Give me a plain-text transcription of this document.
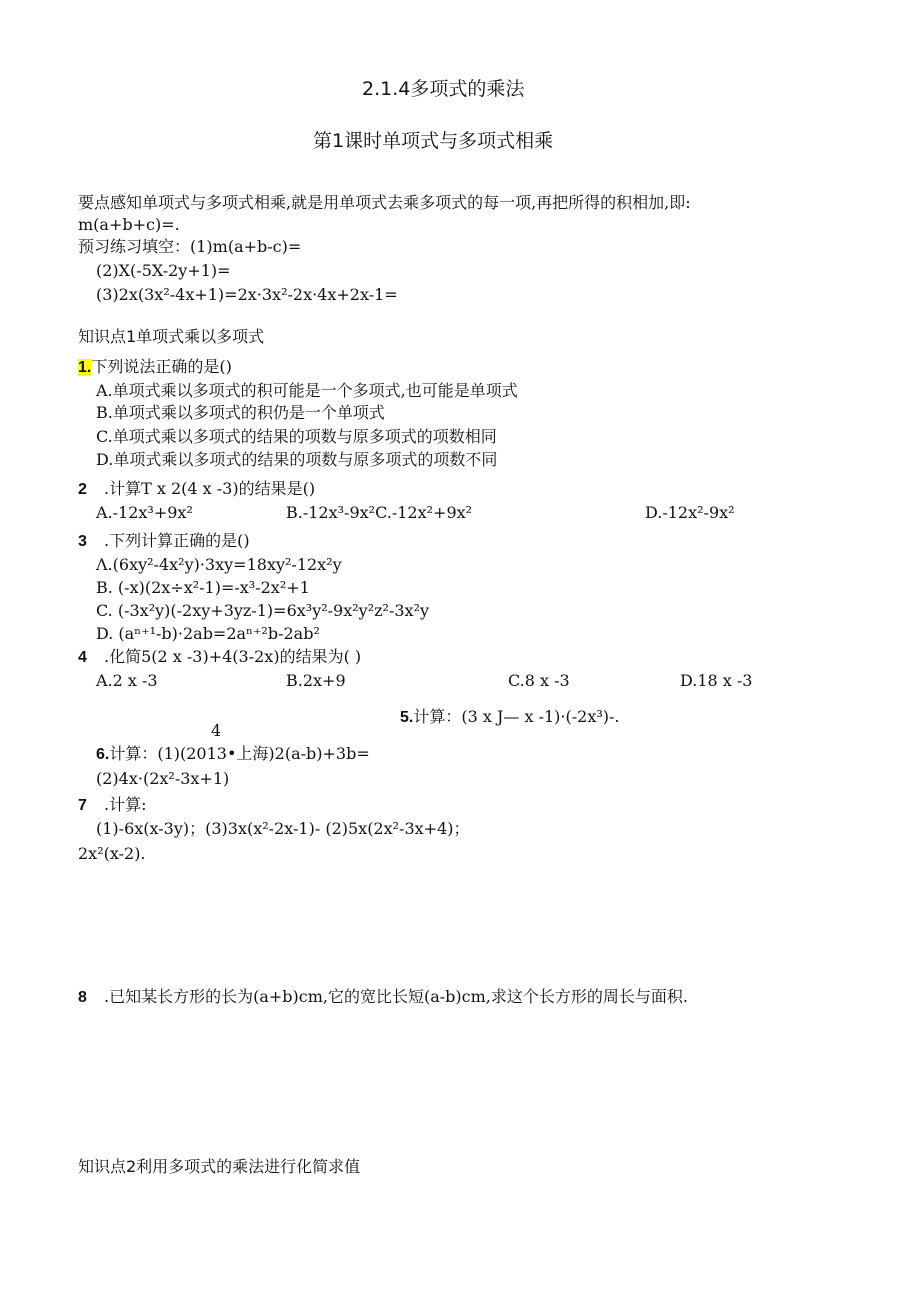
2.1.4多项式的乘法
第1课时单项式与多项式相乘
要点感知单项式与多项式相乘,就是用单项式去乘多项式的每一项,再把所得的积相加,即:
m(a+b+c)=.
预习练习填空：(1)m(a+b-c)=
(2)X(-5X-2y+1)=
(3)2x(3x²-4x+1)=2x·3x²-2x·4x+2x-1=
知识点1单项式乘以多项式
1.下列说法正确的是()
A.单项式乘以多项式的积可能是一个多项式,也可能是单项式
B.单项式乘以多项式的积仍是一个单项式
C.单项式乘以多项式的结果的项数与原多项式的项数相同
D.单项式乘以多项式的结果的项数与原多项式的项数不同
2 .计算T x 2(4 x -3)的结果是()
A.-12x³+9x²	B.-12x³-9x²C.-12x²+9x²	D.-12x²-9x²
3 .下列计算正确的是()
Λ.(6xy²-4x²y)·3xy=18xy²-12x²y
B. (-x)(2x÷x²-1)=-x³-2x²+1
C. (-3x²y)(-2xy+3yz-1)=6x³y²-9x²y²z²-3x²y
D. (aⁿ⁺¹-b)·2ab=2aⁿ⁺²b-2ab²
4 .化简5(2 x -3)+4(3-2x)的结果为( )
A.2 x -3	B.2x+9	C.8 x -3	D.18 x -3
5.计算：(3 x J— x -1)·(-2x³)-.
4
6.计算：(1)(2013•上海)2(a-b)+3b=
(2)4x·(2x²-3x+1)
7 .计算:
(1)-6x(x-3y)；(3)3x(x²-2x-1)- (2)5x(2x²-3x+4)；
2x²(x-2).
8 .已知某长方形的长为(a+b)cm,它的宽比长短(a-b)cm,求这个长方形的周长与面积.
知识点2利用多项式的乘法进行化简求值
